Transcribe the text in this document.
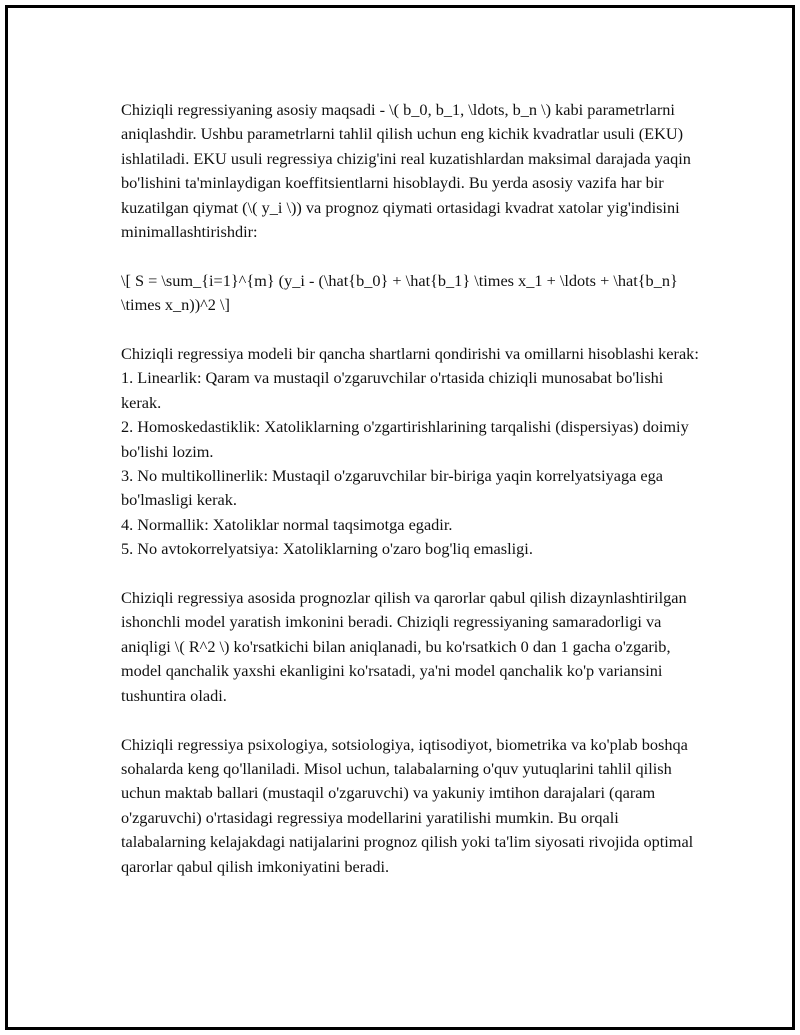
Chiziqli regressiyaning asosiy maqsadi - \( b_0, b_1, \ldots, b_n \) kabi parametrlarni aniqlashdir. Ushbu parametrlarni tahlil qilish uchun eng kichik kvadratlar usuli (EKU) ishlatiladi. EKU usuli regressiya chizig'ini real kuzatishlardan maksimal darajada yaqin bo'lishini ta'minlaydigan koeffitsientlarni hisoblaydi. Bu yerda asosiy vazifa har bir kuzatilgan qiymat (\( y_i \)) va prognoz qiymati ortasidagi kvadrat xatolar yig'indisini minimallashtirishdir:

\[ S = \sum_{i=1}^{m} (y_i - (\hat{b_0} + \hat{b_1} \times x_1 + \ldots + \hat{b_n} \times x_n))^2 \]

Chiziqli regressiya modeli bir qancha shartlarni qondirishi va omillarni hisoblashi kerak:
1. Linearlik: Qaram va mustaqil o'zgaruvchilar o'rtasida chiziqli munosabat bo'lishi kerak.
2. Homoskedastiklik: Xatoliklarning o'zgartirishlarining tarqalishi (dispersiyas) doimiy bo'lishi lozim.
3. No multikollinerlik: Mustaqil o'zgaruvchilar bir-biriga yaqin korrelyatsiyaga ega bo'lmasligi kerak.
4. Normallik: Xatoliklar normal taqsimotga egadir.
5. No avtokorrelyatsiya: Xatoliklarning o'zaro bog'liq emasligi.

Chiziqli regressiya asosida prognozlar qilish va qarorlar qabul qilish dizaynlashtirilgan ishonchli model yaratish imkonini beradi. Chiziqli regressiyaning samaradorligi va aniqligi \( R^2 \) ko'rsatkichi bilan aniqlanadi, bu ko'rsatkich 0 dan 1 gacha o'zgarib, model qanchalik yaxshi ekanligini ko'rsatadi, ya'ni model qanchalik ko'p variansini tushuntira oladi.

Chiziqli regressiya psixologiya, sotsiologiya, iqtisodiyot, biometrika va ko'plab boshqa sohalarda keng qo'llaniladi. Misol uchun, talabalarning o'quv yutuqlarini tahlil qilish uchun maktab ballari (mustaqil o'zgaruvchi) va yakuniy imtihon darajalari (qaram o'zgaruvchi) o'rtasidagi regressiya modellarini yaratilishi mumkin. Bu orqali talabalarning kelajakdagi natijalarini prognoz qilish yoki ta'lim siyosati rivojida optimal qarorlar qabul qilish imkoniyatini beradi.
